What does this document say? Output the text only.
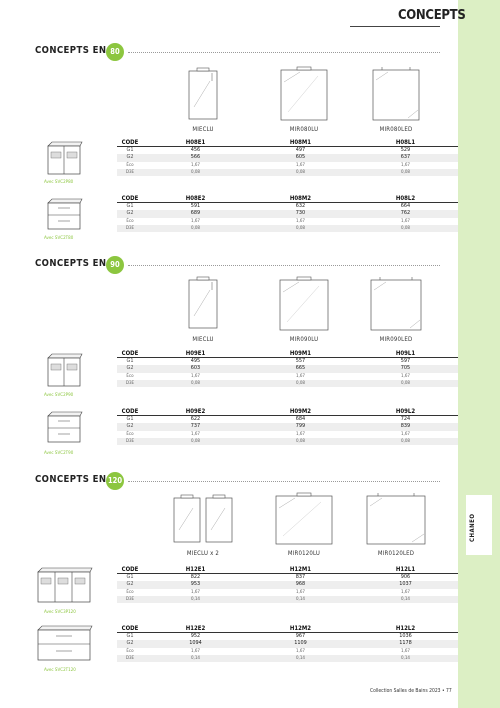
CHANEO
CONCEPTS
CONCEPTS EN 80
MIECLU	MIR080LU	MIR080LED
Avec SVC2P80
CODE	H08E1	H08M1	H08L1
G1	456	497	529
G2	566	605	637
Éco	1,67	1,67	1,67
D3E	0,08	0,08	0,08
Avec SVC2T80
CODE	H08E2	H08M2	H08L2
G1	591	632	664
G2	689	730	762
Éco	1,67	1,67	1,67
D3E	0,08	0,08	0,08
CONCEPTS EN 90
MIECLU	MIR090LU	MIR090LED
Avec SVC2P90
CODE	H09E1	H09M1	H09L1
G1	495	557	597
G2	603	665	705
Éco	1,67	1,67	1,67
D3E	0,08	0,08	0,08
Avec SVC2T90
CODE	H09E2	H09M2	H09L2
G1	622	684	724
G2	737	799	839
Éco	1,67	1,67	1,67
D3E	0,08	0,08	0,08
CONCEPTS EN 120
MIECLU x 2	MIR0120LU	MIR0120LED
Avec SVC3P120
CODE	H12E1	H12M1	H12L1
G1	822	837	906
G2	953	968	1037
Éco	1,67	1,67	1,67
D3E	0,14	0,14	0,14
Avec SVC2T120
CODE	H12E2	H12M2	H12L2
G1	952	967	1036
G2	1094	1109	1178
Éco	1,67	1,67	1,67
D3E	0,14	0,14	0,14
Collection Salles de Bains 2023 • 77
